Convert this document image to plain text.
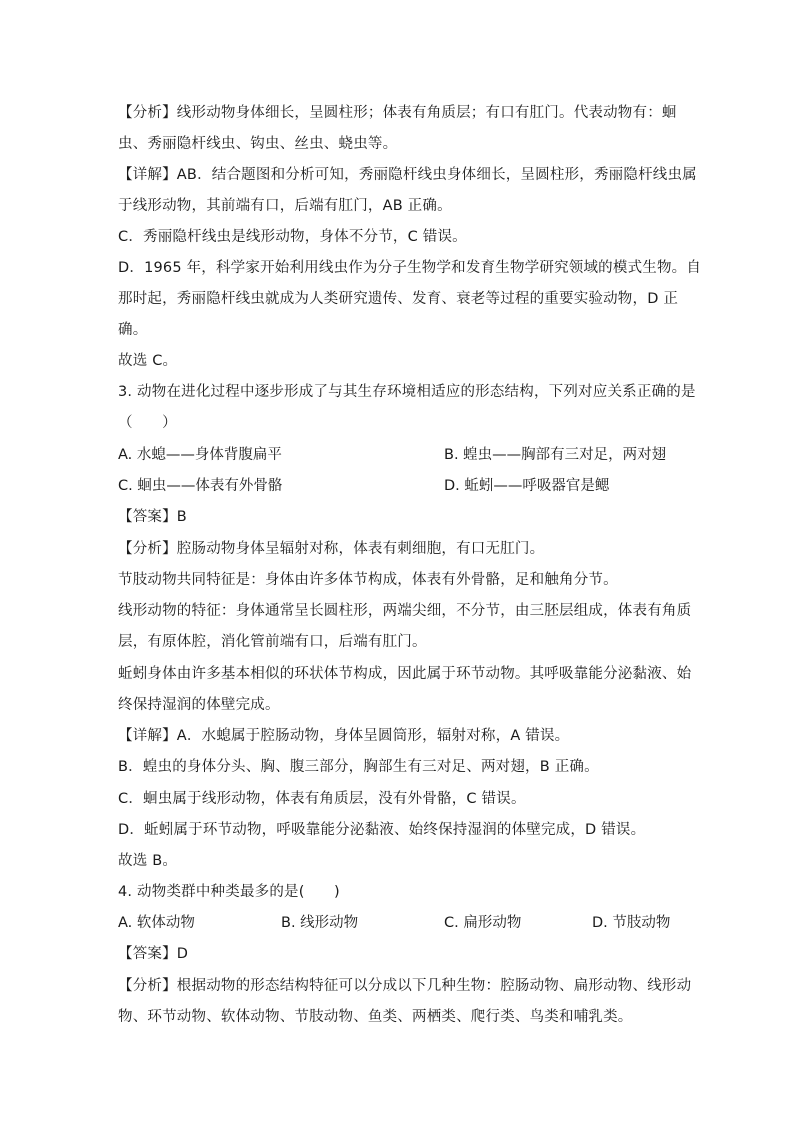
【分析】线形动物身体细长，呈圆柱形；体表有角质层；有口有肛门。代表动物有：蛔
虫、秀丽隐杆线虫、钩虫、丝虫、蛲虫等。
【详解】AB．结合题图和分析可知，秀丽隐杆线虫身体细长，呈圆柱形，秀丽隐杆线虫属
于线形动物，其前端有口，后端有肛门，AB 正确。
C．秀丽隐杆线虫是线形动物，身体不分节，C 错误。
D．1965 年，科学家开始利用线虫作为分子生物学和发育生物学研究领域的模式生物。自
那时起，秀丽隐杆线虫就成为人类研究遗传、发育、衰老等过程的重要实验动物，D 正
确。
故选 C。
3. 动物在进化过程中逐步形成了与其生存环境相适应的形态结构，下列对应关系正确的是
（　　）
A. 水螅——身体背腹扁平	B. 蝗虫——胸部有三对足，两对翅
C. 蛔虫——体表有外骨骼	D. 蚯蚓——呼吸器官是鳃
【答案】B
【分析】腔肠动物身体呈辐射对称，体表有刺细胞，有口无肛门。
节肢动物共同特征是：身体由许多体节构成，体表有外骨骼，足和触角分节。
线形动物的特征：身体通常呈长圆柱形，两端尖细，不分节，由三胚层组成，体表有角质
层，有原体腔，消化管前端有口，后端有肛门。
蚯蚓身体由许多基本相似的环状体节构成，因此属于环节动物。其呼吸靠能分泌黏液、始
终保持湿润的体壁完成。
【详解】A．水螅属于腔肠动物，身体呈圆筒形，辐射对称，A 错误。
B．蝗虫的身体分头、胸、腹三部分，胸部生有三对足、两对翅，B 正确。
C．蛔虫属于线形动物，体表有角质层，没有外骨骼，C 错误。
D．蚯蚓属于环节动物，呼吸靠能分泌黏液、始终保持湿润的体壁完成，D 错误。
故选 B。
4. 动物类群中种类最多的是(　　)
A. 软体动物	B. 线形动物	C. 扁形动物	D. 节肢动物
【答案】D
【分析】根据动物的形态结构特征可以分成以下几种生物：腔肠动物、扁形动物、线形动
物、环节动物、软体动物、节肢动物、鱼类、两栖类、爬行类、鸟类和哺乳类。
